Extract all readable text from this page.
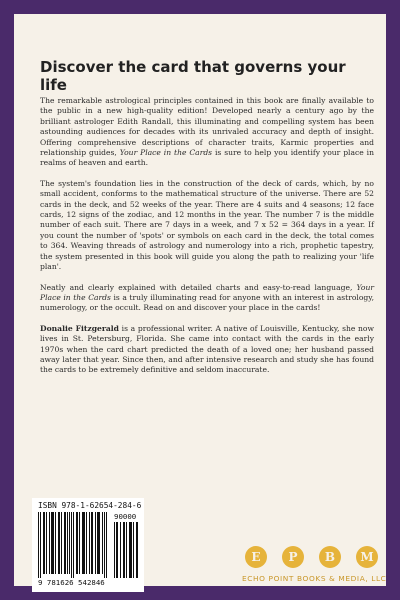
Discover the card that governs your life

The remarkable astrological principles contained in this book are finally available to the public in a new high-quality edition! Developed nearly a century ago by the brilliant astrologer Edith Randall, this illuminating and compelling system has been astounding audiences for decades with its unrivaled accuracy and depth of insight. Offering comprehensive descriptions of character traits, Karmic properties and relationship guides, Your Place in the Cards is sure to help you identify your place in realms of heaven and earth.

The system's foundation lies in the construction of the deck of cards, which, by no small accident, conforms to the mathematical structure of the universe. There are 52 cards in the deck, and 52 weeks of the year. There are 4 suits and 4 seasons; 12 face cards, 12 signs of the zodiac, and 12 months in the year. The number 7 is the middle number of each suit. There are 7 days in a week, and 7 x 52 = 364 days in a year. If you count the number of 'spots' or symbols on each card in the deck, the total comes to 364. Weaving threads of astrology and numerology into a rich, prophetic tapestry, the system presented in this book will guide you along the path to realizing your 'life plan'.

Neatly and clearly explained with detailed charts and easy-to-read language, Your Place in the Cards is a truly illuminating read for anyone with an interest in astrology, numerology, or the occult. Read on and discover your place in the cards!

Donalie Fitzgerald is a professional writer. A native of Louisville, Kentucky, she now lives in St. Petersburg, Florida. She came into contact with the cards in the early 1970s when the card chart predicted the death of a loved one; her husband passed away later that year. Since then, and after intensive research and study she has found the cards to be extremely definitive and seldom inaccurate.

ISBN 978-1-62654-284-6
9 781626 542846
90000
E	P	B	M
ECHO POINT BOOKS & MEDIA, LLC
